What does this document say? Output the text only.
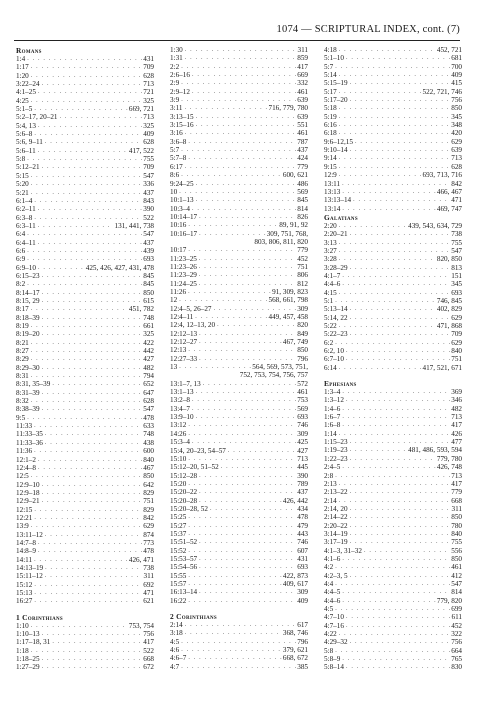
1074 — SCRIPTURAL INDEX, cont. (7)
Romans
1:4 . . .	431
1:17 . . .	709
1:20 . . .	628
3:22–24 . . .	713
4:1–25 . . .	721
4:25 . . .	325
5:1–5 . . .	669, 721
5:2–17, 20–21 . . .	713
5:4, 13 . . .	325
5:6–8 . . .	409
5:6, 9–11 . . .	628
5:6–11 . . .	417, 522
5:8 . . .	755
5:12–21 . . .	709
5:15 . . .	547
5:20 . . .	336
5:21 . . .	437
6:1–4 . . .	843
6:2–11 . . .	390
6:3–8 . . .	522
6:3–11 . . .	131, 441, 738
6:4 . . .	547
6:4–11 . . .	437
6:6 . . .	439
6:9 . . .	693
6:9–10 . . .	425, 426, 427, 431, 478
6:15–23 . . .	845
8:2 . . .	845
8:14–17 . . .	850
8:15, 29 . . .	615
8:17 . . .	451, 782
8:18–39 . . .	748
8:19 . . .	661
8:19–20 . . .	325
8:21 . . .	422
8:27 . . .	442
8:29 . . .	427
8:29–30 . . .	482
8:31 . . .	794
8:31, 35–39 . . .	652
8:31–39 . . .	647
8:32 . . .	628
8:38–39 . . .	547
9:5 . . .	478
11:33 . . .	633
11:33–35 . . .	748
11:33–36 . . .	438
11:36 . . .	600
12:1–2 . . .	840
12:4–8 . . .	467
12:5 . . .	850
12:9–10 . . .	642
12:9–18 . . .	829
12:9–21 . . .	751
12:15 . . .	829
12:21 . . .	842
13:9 . . .	629
13:11–12 . . .	874
14:7–8 . . .	773
14:8–9 . . .	478
14:11 . . .	426, 471
14:13–19 . . .	738
15:11–12 . . .	311
15:12 . . .	692
15:13 . . .	471
16:27 . . .	621
1 Corinthians
1:10 . . .	753, 754
1:10–13 . . .	756
1:17–18, 31 . . .	417
1:18 . . .	522
1:18–25 . . .	668
1:27–29 . . .	672
1:30 . . .	311
1:31 . . .	859
2:2 . . .	417
2:6–16 . . .	669
2:9 . . .	332
2:9–12 . . .	461
3:9 . . .	639
3:11 . . .	716, 779, 780
3:13–15 . . .	639
3:15–16 . . .	551
3:16 . . .	461
3:6–8 . . .	787
5:7 . . .	437
5:7–8 . . .	424
6:17 . . .	779
8:6 . . .	600, 621
9:24–25 . . .	486
10 . . .	569
10:1–13 . . .	845
10:3–4 . . .	814
10:14–17 . . .	826
10:16 . . .	89, 91, 92
10:16–17 . . .	309, 751, 768,
803, 806, 811, 820
10:17 . . .	779
11:23–25 . . .	452
11:23–26 . . .	751
11:23–29 . . .	806
11:24–25 . . .	812
11:26 . . .	91, 309, 823
12 . . .	568, 661, 798
12:4–5, 26–27 . . .	309
12:4–11 . . .	449, 457, 458
12:4, 12–13, 20 . . .	820
12:12–13 . . .	849
12:12–27 . . .	467, 749
12:13 . . .	850
12:27–33 . . .	796
13 . . .	564, 569, 573, 751,
752, 753, 754, 756, 757
13:1–7, 13 . . .	572
13:1–13 . . .	461
13:2–8 . . .	753
13:4–7 . . .	569
13:9–10 . . .	693
13:12 . . .	746
14:26 . . .	309
15:3–4 . . .	425
15:4, 20–23, 54–57 . . .	427
15:10 . . .	713
15:12–20, 51–52 . . .	445
15:12–28 . . .	390
15:20 . . .	789
15:20–22 . . .	437
15:20–28 . . .	426, 442
15:20–28, 52 . . .	434
15:25 . . .	478
15:27 . . .	479
15:37 . . .	443
15:51–52 . . .	746
15:52 . . .	607
15:53–57 . . .	431
15:54–56 . . .	693
15:55 . . .	422, 873
15:57 . . .	409, 617
16:13–14 . . .	309
16:22 . . .	409
2 Corinthians
2:14 . . .	617
3:18 . . .	368, 746
4:5 . . .	796
4:6 . . .	379, 621
4:6–7 . . .	668, 672
4:7 . . .	385
4:18 . . .	452, 721
5:1–10 . . .	681
5:7 . . .	700
5:14 . . .	409
5:15–19 . . .	415
5:17 . . .	522, 721, 746
5:17–20 . . .	756
5:18 . . .	850
5:19 . . .	345
6:16 . . .	348
6:18 . . .	420
9:6–12,15 . . .	629
9:10–14 . . .	639
9:14 . . .	713
9:15 . . .	628
12:9 . . .	693, 713, 716
13:11 . . .	842
13:13 . . .	466, 467
13:13–14 . . .	471
13:14 . . .	469, 747
Galatians
2:20 . . .	439, 543, 634, 729
2:20–21 . . .	738
3:13 . . .	755
3:27 . . .	547
3:28 . . .	820, 850
3:28–29 . . .	813
4:1–7 . . .	151
4:4–6 . . .	345
4:15 . . .	693
5:1 . . .	746, 845
5:13–14 . . .	402, 829
5:14, 22 . . .	629
5:22 . . .	471, 868
5:22–23 . . .	709
6:2 . . .	629
6:2, 10 . . .	840
6:7–10 . . .	751
6:14 . . .	417, 521, 671
Ephesians
1:3–4 . . .	369
1:3–12 . . .	346
1:4–6 . . .	482
1:6–7 . . .	713
1:6–8 . . .	417
1:14 . . .	426
1:15–23 . . .	477
1:19–23 . . .	481, 486, 593, 594
1:22–23 . . .	779, 780
2:4–5 . . .	426, 748
2:8 . . .	713
2:13 . . .	417
2:13–22 . . .	779
2:14 . . .	668
2:14, 20 . . .	311
2:14–22 . . .	850
2:20–22 . . .	780
3:14–19 . . .	840
3:17–19 . . .	755
4:1–3, 31–32 . . .	556
4:1–6 . . .	850
4:2 . . .	461
4:2–3, 5 . . .	412
4:4 . . .	547
4:4–5 . . .	814
4:4–6 . . .	779, 820
4:5 . . .	699
4:7–10 . . .	611
4:7–16 . . .	452
4:22 . . .	322
4:29–32 . . .	756
5:8 . . .	664
5:8–9 . . .	765
5:8–14 . . .	830
